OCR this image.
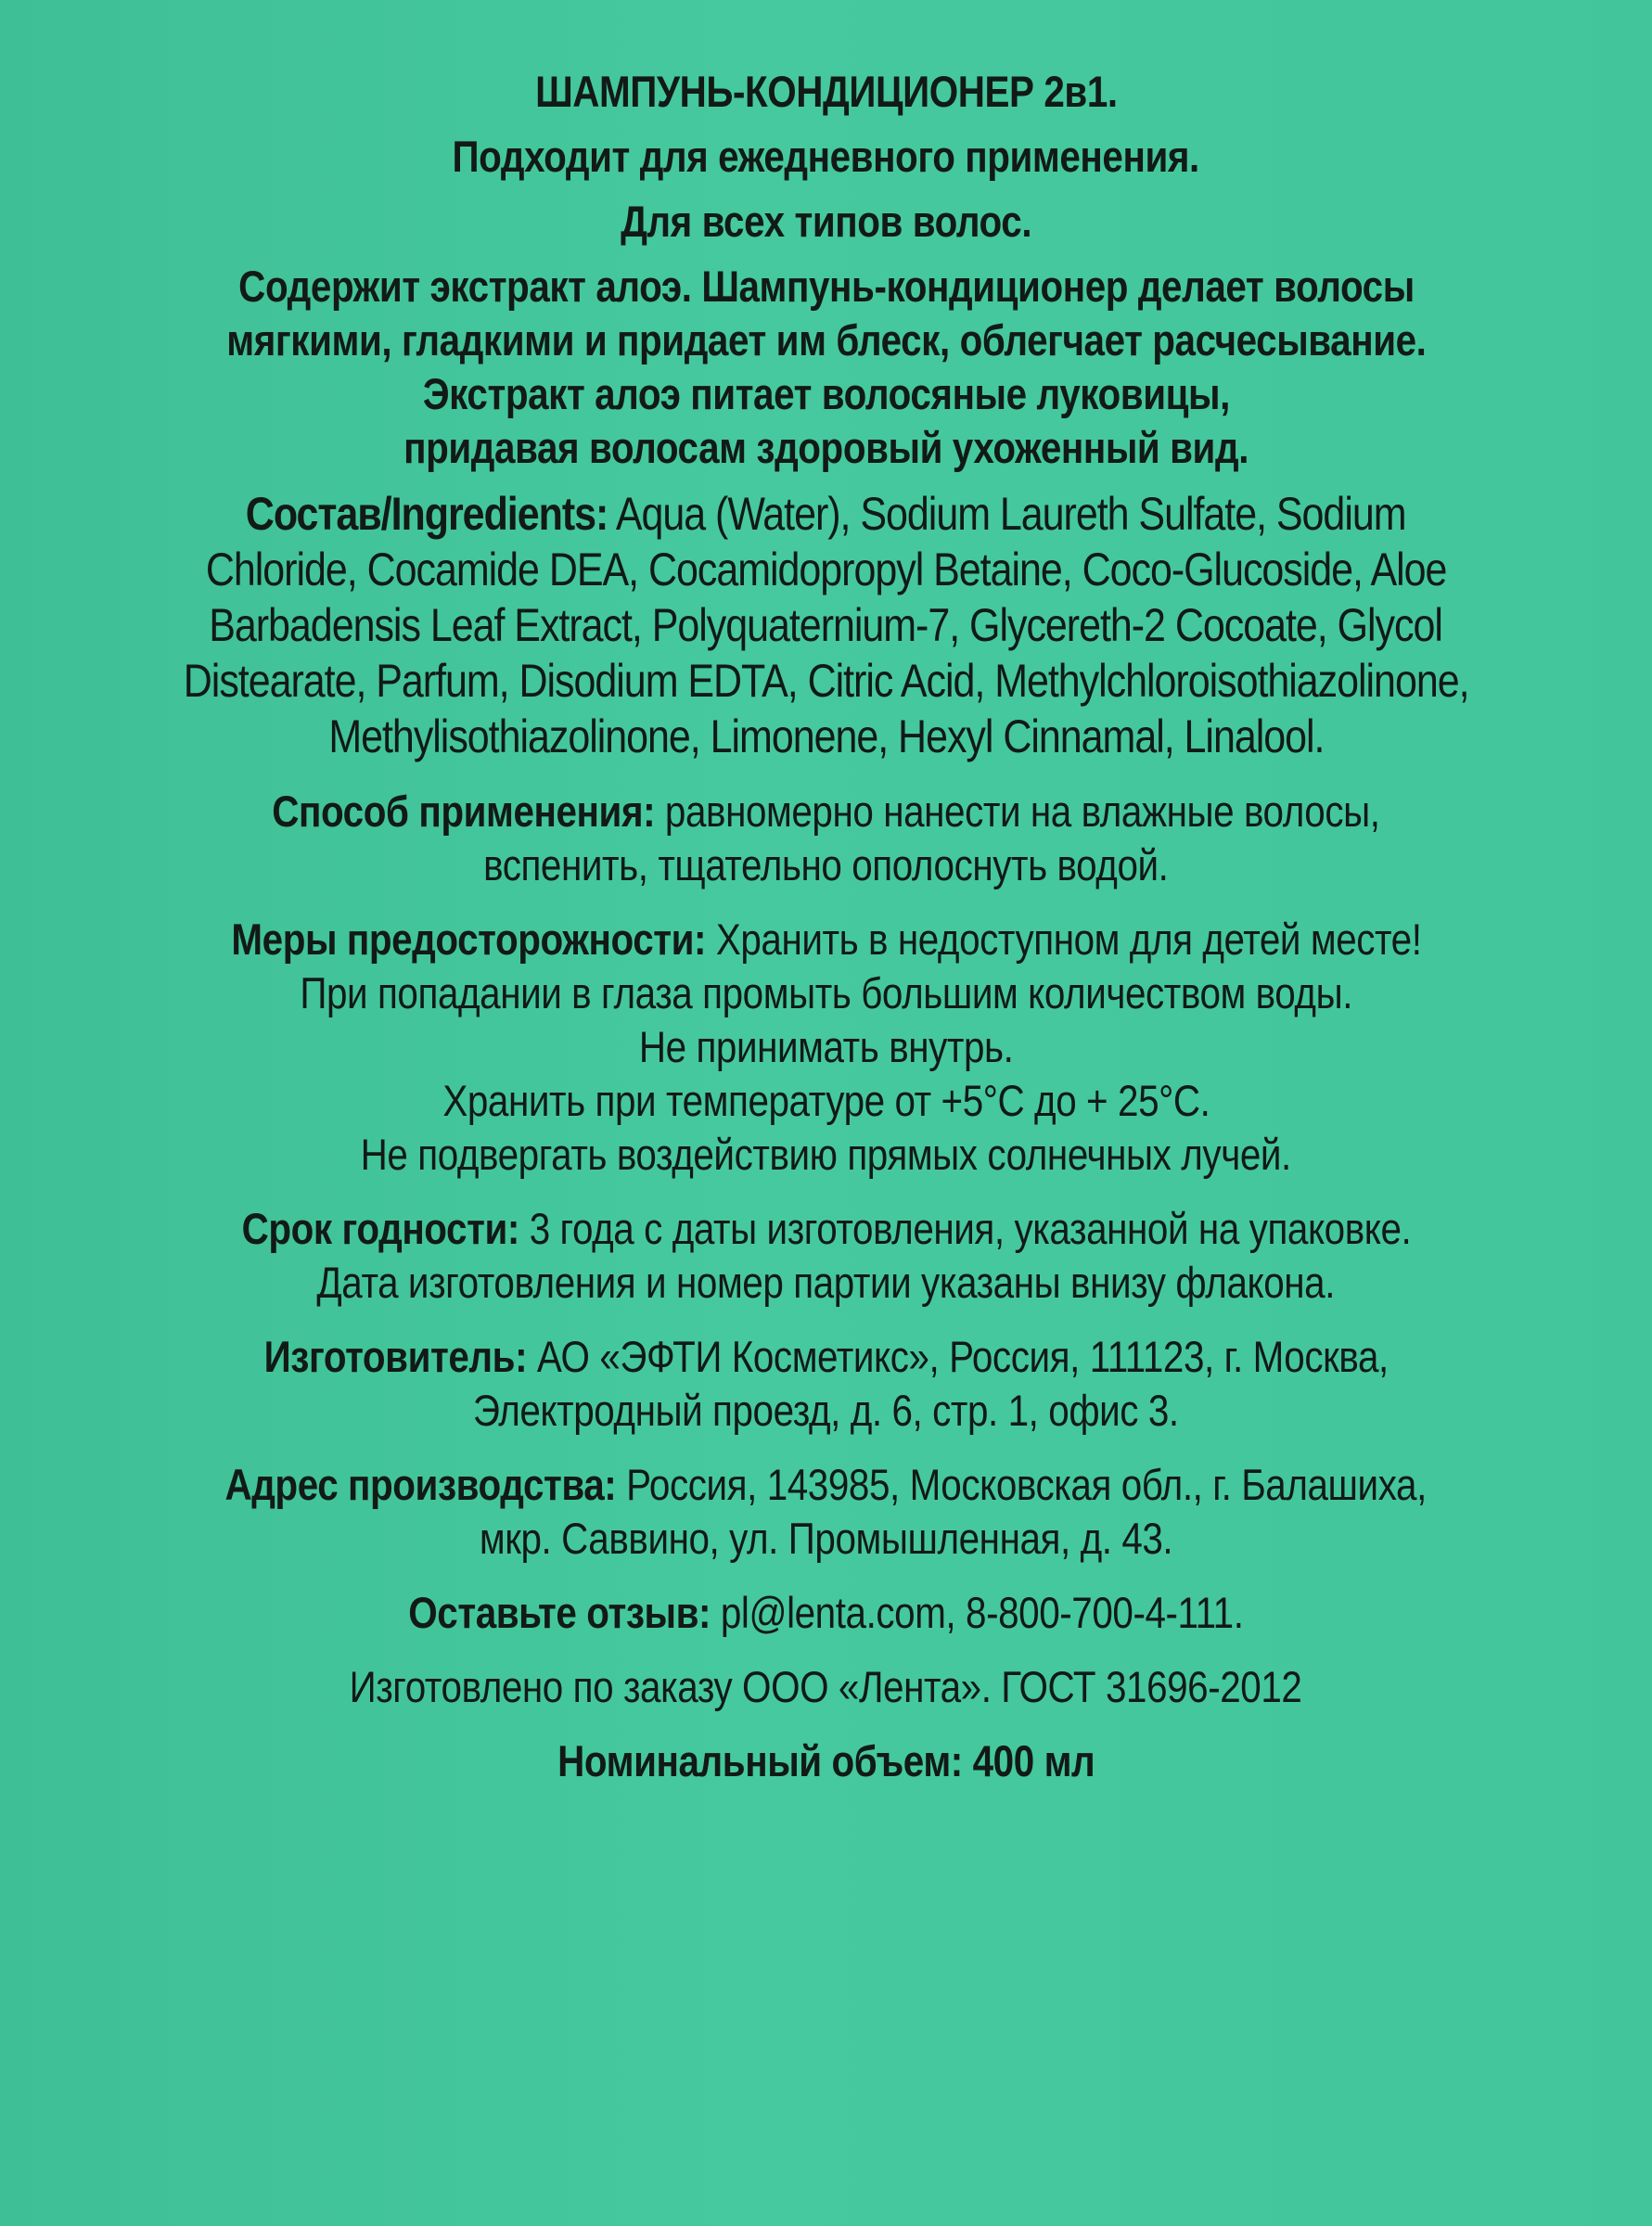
ШАМПУНЬ-КОНДИЦИОНЕР 2в1.
Подходит для ежедневного применения.
Для всех типов волос.
Содержит экстракт алоэ. Шампунь-кондиционер делает волосы
мягкими, гладкими и придает им блеск, облегчает расчесывание.
Экстракт алоэ питает волосяные луковицы,
придавая волосам здоровый ухоженный вид.
Состав/Ingredients: Aqua (Water), Sodium Laureth Sulfate, Sodium
Chloride, Cocamide DEA, Cocamidopropyl Betaine, Coco-Glucoside, Aloe
Barbadensis Leaf Extract, Polyquaternium-7, Glycereth-2 Cocoate, Glycol
Distearate, Parfum, Disodium EDTA, Citric Acid, Methylchloroisothiazolinone,
Methylisothiazolinone, Limonene, Hexyl Cinnamal, Linalool.
Способ применения: равномерно нанести на влажные волосы,
вспенить, тщательно ополоснуть водой.
Меры предосторожности: Хранить в недоступном для детей месте!
При попадании в глаза промыть большим количеством воды.
Не принимать внутрь.
Хранить при температуре от +5°С до + 25°С.
Не подвергать воздействию прямых солнечных лучей.
Срок годности: 3 года с даты изготовления, указанной на упаковке.
Дата изготовления и номер партии указаны внизу флакона.
Изготовитель: АО «ЭФТИ Косметикс», Россия, 111123, г. Москва,
Электродный проезд, д. 6, стр. 1, офис 3.
Адрес производства: Россия, 143985, Московская обл., г. Балашиха,
мкр. Саввино, ул. Промышленная, д. 43.
Оставьте отзыв: pl@lenta.com, 8-800-700-4-111.
Изготовлено по заказу ООО «Лента». ГОСТ 31696-2012
Номинальный объем: 400 мл
